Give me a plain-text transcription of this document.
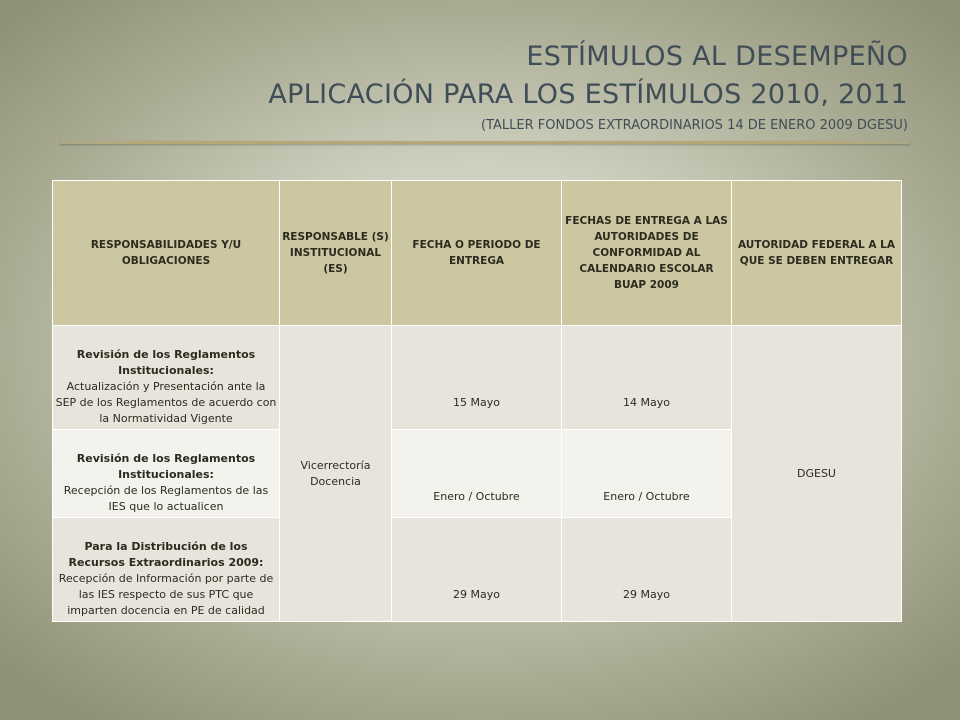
ESTÍMULOS AL DESEMPEÑO
APLICACIÓN PARA LOS ESTÍMULOS 2010, 2011
(TALLER FONDOS EXTRAORDINARIOS 14 DE ENERO 2009 DGESU)
RESPONSABILIDADES Y/U OBLIGACIONES	RESPONSABLE (S) INSTITUCIONAL (ES)	FECHA O PERIODO DE ENTREGA	FECHAS DE ENTREGA A LAS AUTORIDADES DE CONFORMIDAD AL CALENDARIO ESCOLAR BUAP 2009	AUTORIDAD FEDERAL A LA QUE SE DEBEN ENTREGAR

Revisión de los Reglamentos Institucionales:
Actualización y Presentación ante la SEP de los Reglamentos de acuerdo con la Normatividad Vigente	Vicerrectoría Docencia	15 Mayo	14 Mayo	DGESU

Revisión de los Reglamentos Institucionales:
Recepción de los Reglamentos de las IES que lo actualicen		Enero / Octubre	Enero / Octubre	

Para la Distribución de los Recursos Extraordinarios 2009:
Recepción de Información por parte de las IES respecto de sus PTC que imparten docencia en PE de calidad		29 Mayo	29 Mayo	
